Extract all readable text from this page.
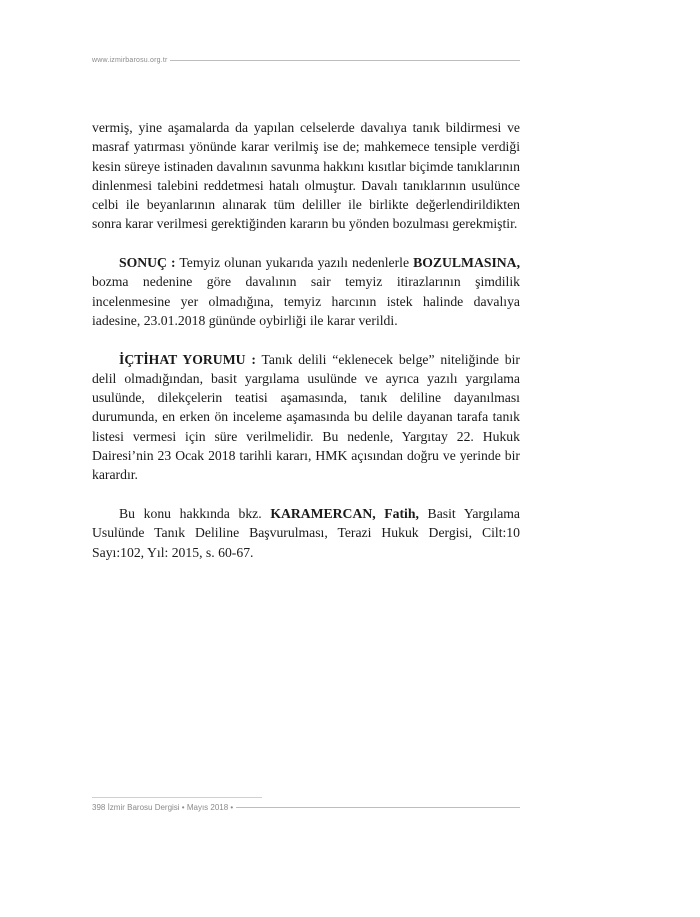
www.izmirbarosu.org.tr

vermiş, yine aşamalarda da yapılan celselerde davalıya tanık bildirmesi ve masraf yatırması yönünde karar verilmiş ise de; mahkemece tensiple verdiği kesin süreye istinaden davalının savunma hakkını kısıtlar biçimde tanıklarının dinlenmesi talebini reddetmesi hatalı olmuştur. Davalı tanıklarının usulünce celbi ile beyanlarının alınarak tüm deliller ile birlikte değerlendirildikten sonra karar verilmesi gerektiğinden kararın bu yönden bozulması gerekmiştir.

SONUÇ : Temyiz olunan yukarıda yazılı nedenlerle BOZULMASINA, bozma nedenine göre davalının sair temyiz itirazlarının şimdilik incelenmesine yer olmadığına, temyiz harcının istek halinde davalıya iadesine, 23.01.2018 gününde oybirliği ile karar verildi.

İÇTİHAT YORUMU : Tanık delili “eklenecek belge” niteliğinde bir delil olmadığından, basit yargılama usulünde ve ayrıca yazılı yargılama usulünde, dilekçelerin teatisi aşamasında, tanık deliline dayanılması durumunda, en erken ön inceleme aşamasında bu delile dayanan tarafa tanık listesi vermesi için süre verilmelidir. Bu nedenle, Yargıtay 22. Hukuk Dairesi’nin 23 Ocak 2018 tarihli kararı, HMK açısından doğru ve yerinde bir karardır.

Bu konu hakkında bkz. KARAMERCAN, Fatih, Basit Yargılama Usulünde Tanık Deliline Başvurulması, Terazi Hukuk Dergisi, Cilt:10 Sayı:102, Yıl: 2015, s. 60-67.

398 İzmir Barosu Dergisi • Mayıs 2018 •
